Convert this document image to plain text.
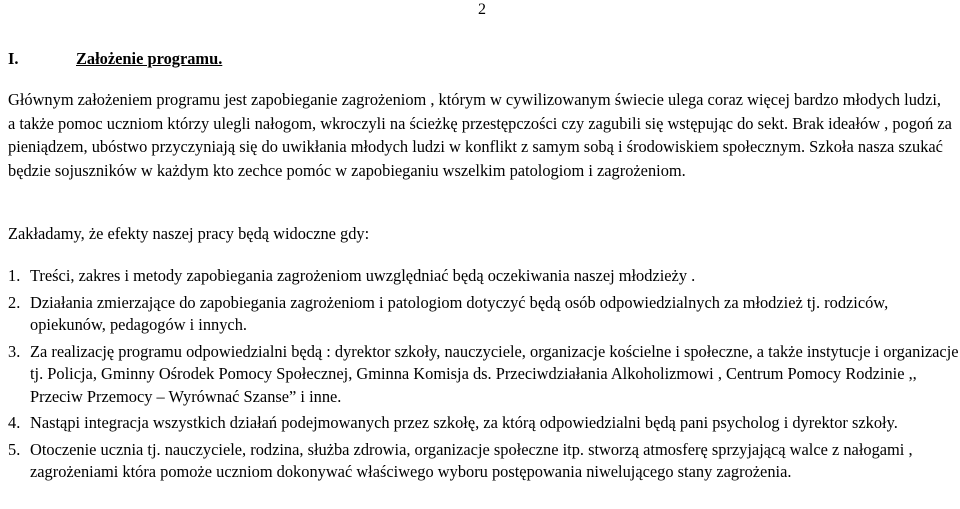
2
I.	Założenie programu.

Głównym założeniem programu jest zapobieganie zagrożeniom , którym w cywilizowanym świecie ulega coraz więcej bardzo młodych ludzi, a także pomoc uczniom którzy ulegli nałogom, wkroczyli na ścieżkę przestępczości czy zagubili się wstępując do sekt. Brak ideałów , pogoń za pieniądzem, ubóstwo przyczyniają się do uwikłania młodych ludzi w konflikt z samym sobą i środowiskiem społecznym. Szkoła nasza szukać będzie sojuszników w każdym kto zechce pomóc w zapobieganiu wszelkim patologiom i zagrożeniom.

Zakładamy, że efekty naszej pracy będą widoczne gdy:

1. Treści, zakres i metody zapobiegania zagrożeniom uwzględniać będą oczekiwania naszej młodzieży .
2. Działania zmierzające do zapobiegania zagrożeniom i patologiom dotyczyć będą osób odpowiedzialnych za młodzież tj. rodziców, opiekunów, pedagogów i innych.
3. Za realizację programu odpowiedzialni będą : dyrektor szkoły, nauczyciele, organizacje kościelne i społeczne, a także instytucje i organizacje tj. Policja, Gminny Ośrodek Pomocy Społecznej, Gminna Komisja ds. Przeciwdziałania Alkoholizmowi , Centrum Pomocy Rodzinie ,, Przeciw Przemocy – Wyrównać Szanse” i inne.
4. Nastąpi integracja wszystkich działań podejmowanych przez szkołę, za którą odpowiedzialni będą pani psycholog i dyrektor szkoły.
5. Otoczenie ucznia tj. nauczyciele, rodzina, służba zdrowia, organizacje społeczne itp. stworzą atmosferę sprzyjającą walce z nałogami , zagrożeniami która pomoże uczniom dokonywać właściwego wyboru postępowania niwelującego stany zagrożenia.
